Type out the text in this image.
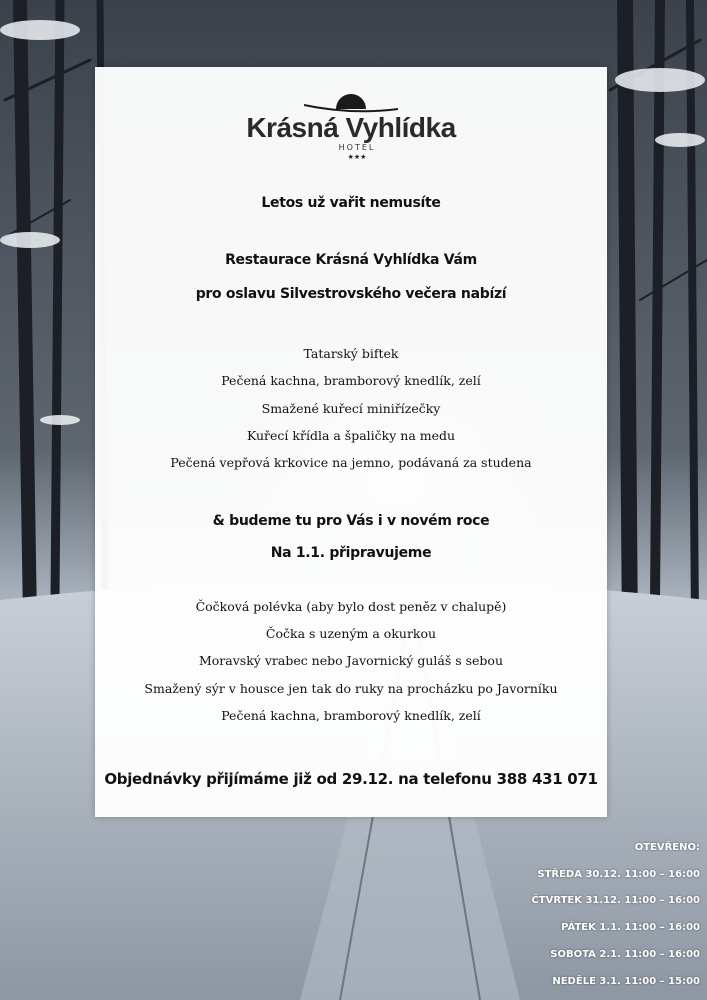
Krásná Vyhlídka
HOTEL
★★★
Letos už vařit nemusíte
Restaurace Krásná Vyhlídka Vám
pro oslavu Silvestrovského večera nabízí
Tatarský biftek
Pečená kachna, bramborový knedlík, zelí
Smažené kuřecí miniřízečky
Kuřecí křídla a špaličky na medu
Pečená vepřová krkovice na jemno, podávaná za studena
& budeme tu pro Vás i v novém roce
Na 1.1. připravujeme
Čočková polévka (aby bylo dost peněz v chalupě)
Čočka s uzeným a okurkou
Moravský vrabec nebo Javornický guláš s sebou
Smažený sýr v housce jen tak do ruky na procházku po Javorníku
Pečená kachna, bramborový knedlík, zelí
Objednávky přijímáme již od 29.12. na telefonu 388 431 071
OTEVŘENO:
STŘEDA 30.12. 11:00 – 16:00
ČTVRTEK 31.12. 11:00 – 16:00
PÁTEK 1.1. 11:00 – 16:00
SOBOTA 2.1. 11:00 – 16:00
NEDĚLE 3.1. 11:00 – 15:00
